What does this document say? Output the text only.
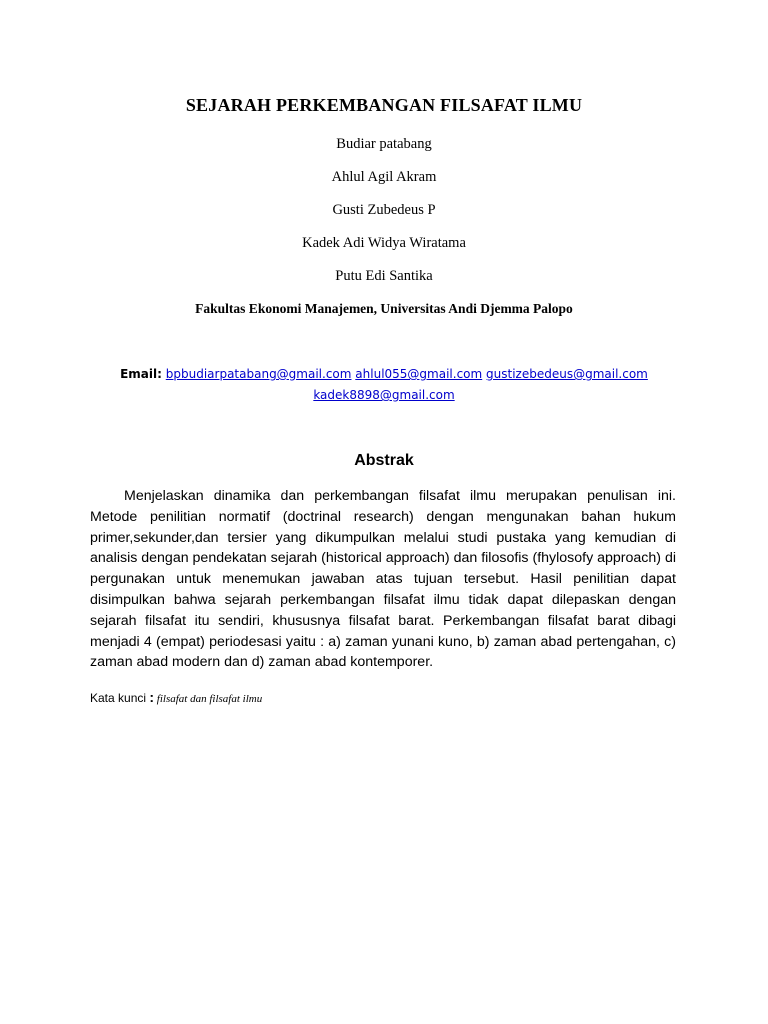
SEJARAH PERKEMBANGAN FILSAFAT ILMU
Budiar patabang
Ahlul Agil Akram
Gusti Zubedeus P
Kadek Adi Widya Wiratama
Putu Edi Santika
Fakultas Ekonomi Manajemen, Universitas Andi Djemma Palopo
Email: bpbudiarpatabang@gmail.com ahlul055@gmail.com gustizebedeus@gmail.com
kadek8898@gmail.com
Abstrak

Menjelaskan dinamika dan perkembangan filsafat ilmu merupakan penulisan ini. Metode penilitian normatif (doctrinal research) dengan mengunakan bahan hukum primer,sekunder,dan tersier yang dikumpulkan melalui studi pustaka yang kemudian di analisis dengan pendekatan sejarah (historical approach) dan filosofis (fhylosofy approach) di pergunakan untuk menemukan jawaban atas tujuan tersebut. Hasil penilitian dapat disimpulkan bahwa sejarah perkembangan filsafat ilmu tidak dapat dilepaskan dengan sejarah filsafat itu sendiri, khususnya filsafat barat. Perkembangan filsafat barat dibagi menjadi 4 (empat) periodesasi yaitu : a) zaman yunani kuno, b) zaman abad pertengahan, c) zaman abad modern dan d) zaman abad kontemporer.

Kata kunci : filsafat dan filsafat ilmu
